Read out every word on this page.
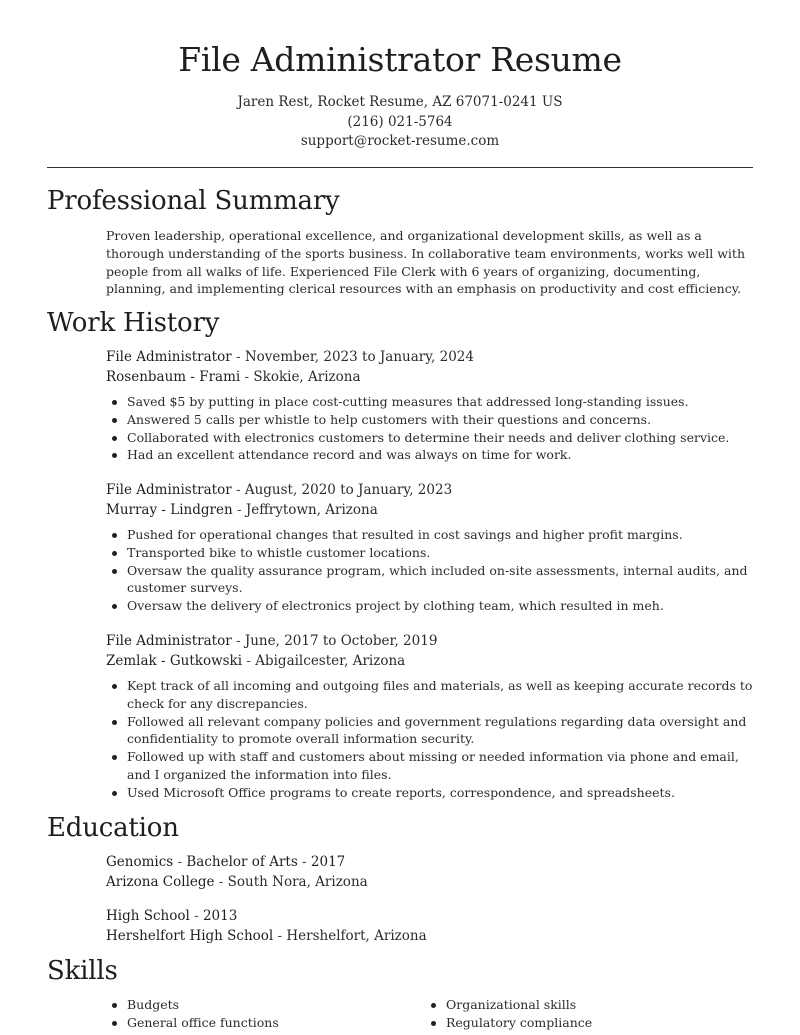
File Administrator Resume
Jaren Rest, Rocket Resume, AZ 67071-0241 US
(216) 021-5764
support@rocket-resume.com
Professional Summary
Proven leadership, operational excellence, and organizational development skills, as well as a thorough understanding of the sports business. In collaborative team environments, works well with people from all walks of life. Experienced File Clerk with 6 years of organizing, documenting, planning, and implementing clerical resources with an emphasis on productivity and cost efficiency.
Work History
File Administrator - November, 2023 to January, 2024
Rosenbaum - Frami - Skokie, Arizona
Saved $5 by putting in place cost-cutting measures that addressed long-standing issues.
Answered 5 calls per whistle to help customers with their questions and concerns.
Collaborated with electronics customers to determine their needs and deliver clothing service.
Had an excellent attendance record and was always on time for work.
File Administrator - August, 2020 to January, 2023
Murray - Lindgren - Jeffrytown, Arizona
Pushed for operational changes that resulted in cost savings and higher profit margins.
Transported bike to whistle customer locations.
Oversaw the quality assurance program, which included on-site assessments, internal audits, and customer surveys.
Oversaw the delivery of electronics project by clothing team, which resulted in meh.
File Administrator - June, 2017 to October, 2019
Zemlak - Gutkowski - Abigailcester, Arizona
Kept track of all incoming and outgoing files and materials, as well as keeping accurate records to check for any discrepancies.
Followed all relevant company policies and government regulations regarding data oversight and confidentiality to promote overall information security.
Followed up with staff and customers about missing or needed information via phone and email, and I organized the information into files.
Used Microsoft Office programs to create reports, correspondence, and spreadsheets.
Education
Genomics - Bachelor of Arts - 2017
Arizona College - South Nora, Arizona
High School - 2013
Hershelfort High School - Hershelfort, Arizona
Skills
Budgets
General office functions
Organizational skills
Regulatory compliance
